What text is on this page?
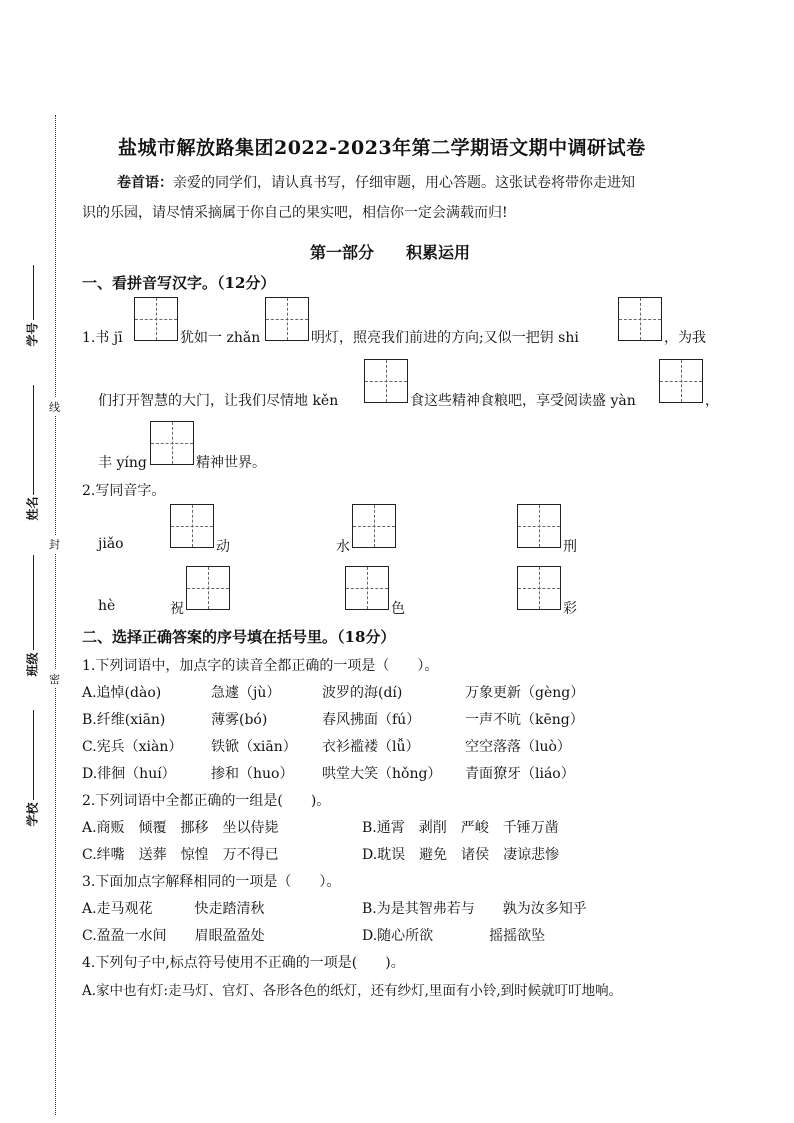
线
封
密
学号
姓名
班级
学校
盐城市解放路集团2022-2023年第二学期语文期中调研试卷
卷首语：亲爱的同学们，请认真书写，仔细审题，用心答题。这张试卷将带你走进知
识的乐园，请尽情采摘属于你自己的果实吧，相信你一定会满载而归!
第一部分　　积累运用
一、看拼音写汉字。（12分）
1.书 jī	犹如一 zhǎn	明灯，照亮我们前进的方向;又似一把钥 shi	，为我
们打开智慧的大门，让我们尽情地 kěn	食这些精神食粮吧，享受阅读盛 yàn	，
丰 yíng	精神世界。
2.写同音字。
jiǎo	动	水	刑
hè	祝	色	彩
二、选择正确答案的序号填在括号里。（18分）
1.下列词语中，加点字的读音全都正确的一项是（　　）。
A.追悼(dào)	急遽（jù）	波罗的海(dí)	万象更新（gèng）
B.纤维(xiān)	薄雾(bó)	春风拂面（fú）	一声不吭（kēng）
C.宪兵（xiàn） 铁锨（xiān） 衣衫褴褛（lǚ）	空空落落（luò）
D.徘徊（huí）	掺和（huo） 哄堂大笑（hǒng） 青面獠牙（liáo）
2.下列词语中全都正确的一组是(　　)。
A.商贩　倾覆　挪移　坐以侍毙	B.通霄　剥削　严峻　千锤万凿
C.绊嘴　送葬　惊惶　万不得已	D.耽误　避免　诸侯　凄谅悲惨
3.下面加点字解释相同的一项是（　　）。
A.走马观花　　　快走踏清秋	B.为是其智弗若与　　孰为汝多知乎
C.盈盈一水间　　眉眼盈盈处	D.随心所欲　　　　摇摇欲坠
4.下列句子中,标点符号使用不正确的一项是(　　)。
A.家中也有灯:走马灯、官灯、各形各色的纸灯，还有纱灯,里面有小铃,到时候就叮叮地响。
